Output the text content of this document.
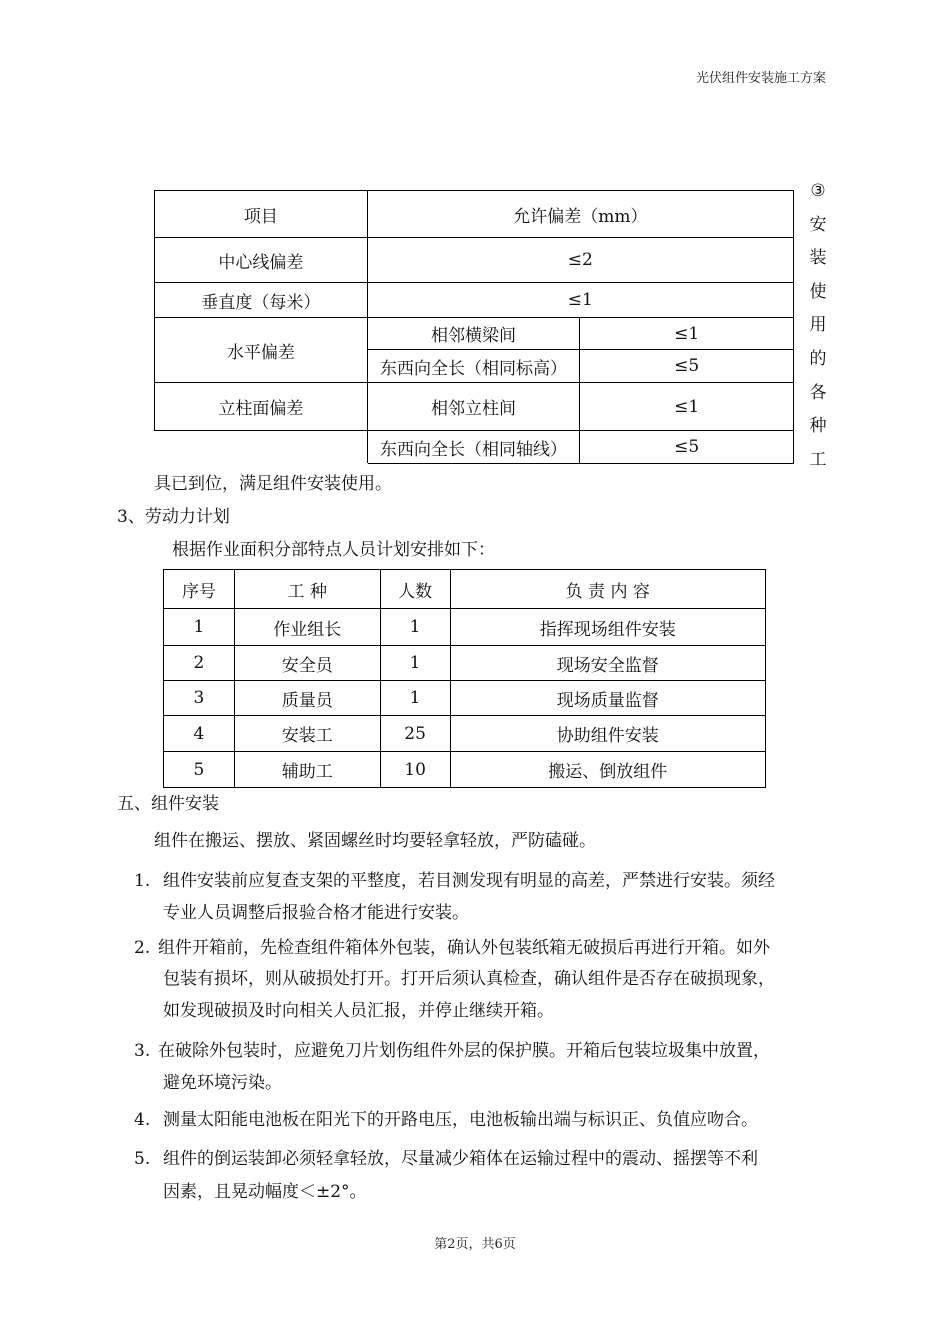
光伏组件安装施工方案
项目	允许偏差（mm）	
中心线偏差	≤2	
垂直度（每米）	≤1	
水平偏差	相邻横梁间	≤1
	东西向全长（相同标高）	≤5
立柱面偏差	相邻立柱间	≤1
	东西向全长（相同轴线）	≤5
③
安
装
使
用
的
各
种
工
具已到位，满足组件安装使用。
3、劳动力计划
根据作业面积分部特点人员计划安排如下：
序号	工 种	人数	负 责 内 容
1	作业组长	1	指挥现场组件安装
2	安全员	1	现场安全监督
3	质量员	1	现场质量监督
4	安装工	25	协助组件安装
5	辅助工	10	搬运、倒放组件
五、组件安装
组件在搬运、摆放、紧固螺丝时均要轻拿轻放，严防磕碰。
1. 组件安装前应复查支架的平整度，若目测发现有明显的高差，严禁进行安装。须经
专业人员调整后报验合格才能进行安装。
2. 组件开箱前，先检查组件箱体外包装，确认外包装纸箱无破损后再进行开箱。如外
包装有损坏，则从破损处打开。打开后须认真检查，确认组件是否存在破损现象，
如发现破损及时向相关人员汇报，并停止继续开箱。
3. 在破除外包装时，应避免刀片划伤组件外层的保护膜。开箱后包装垃圾集中放置，
避免环境污染。
4. 测量太阳能电池板在阳光下的开路电压，电池板输出端与标识正、负值应吻合。
5. 组件的倒运装卸必须轻拿轻放，尽量减少箱体在运输过程中的震动、摇摆等不利
因素，且晃动幅度＜±2°。
第2页，共6页
